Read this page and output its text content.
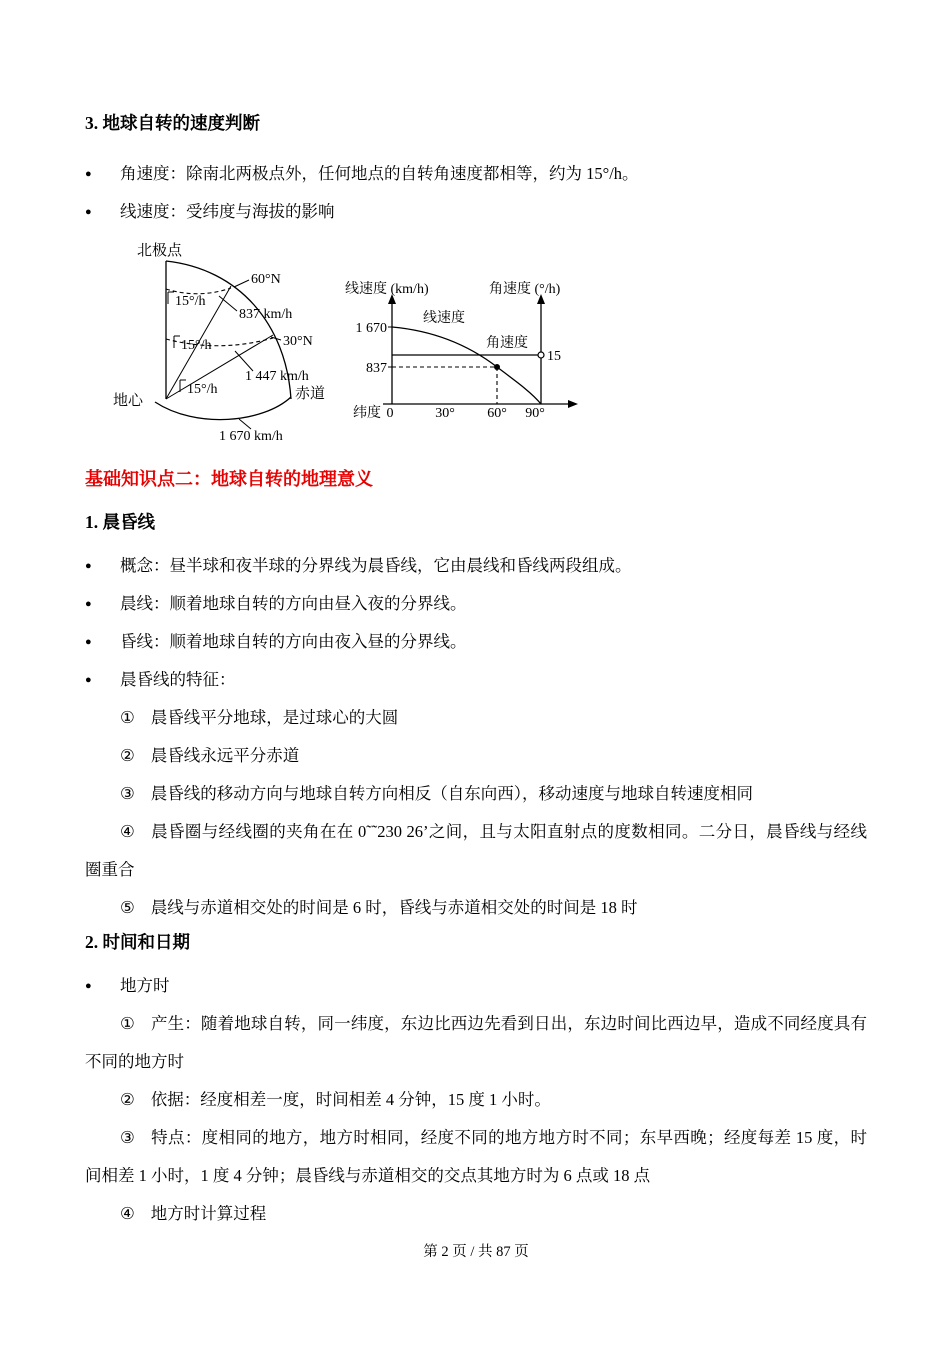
3. 地球自转的速度判断
●	角速度：除南北两极点外，任何地点的自转角速度都相等，约为 15°/h。
●	线速度：受纬度与海拔的影响
北极点
15°/h
15°/h
15°/h
60°N
837 km/h
30°N
1 447 km/h
赤道
1 670 km/h
地心
线速度 (km/h)	角速度 (°/h)
线速度
角速度
15
1 670
837
纬度 0	30° 60° 90°
基础知识点二：地球自转的地理意义
1. 晨昏线
●	概念：昼半球和夜半球的分界线为晨昏线，它由晨线和昏线两段组成。
●	晨线：顺着地球自转的方向由昼入夜的分界线。
●	昏线：顺着地球自转的方向由夜入昼的分界线。
●	晨昏线的特征：

① 晨昏线平分地球，是过球心的大圆

② 晨昏线永远平分赤道

③ 晨昏线的移动方向与地球自转方向相反（自东向西），移动速度与地球自转速度相同

④ 晨昏圈与经线圈的夹角在在 0˜˜230 26’之间，且与太阳直射点的度数相同。二分日，晨昏线与经线圈重合

⑤ 晨线与赤道相交处的时间是 6 时，昏线与赤道相交处的时间是 18 时

2. 时间和日期
●	地方时

① 产生：随着地球自转，同一纬度，东边比西边先看到日出，东边时间比西边早，造成不同经度具有不同的地方时

② 依据：经度相差一度，时间相差 4 分钟，15 度 1 小时。

③ 特点：度相同的地方，地方时相同，经度不同的地方地方时不同；东早西晚；经度每差 15 度，时间相差 1 小时，1 度 4 分钟；晨昏线与赤道相交的交点其地方时为 6 点或 18 点

④ 地方时计算过程

第 2 页 / 共 87 页
